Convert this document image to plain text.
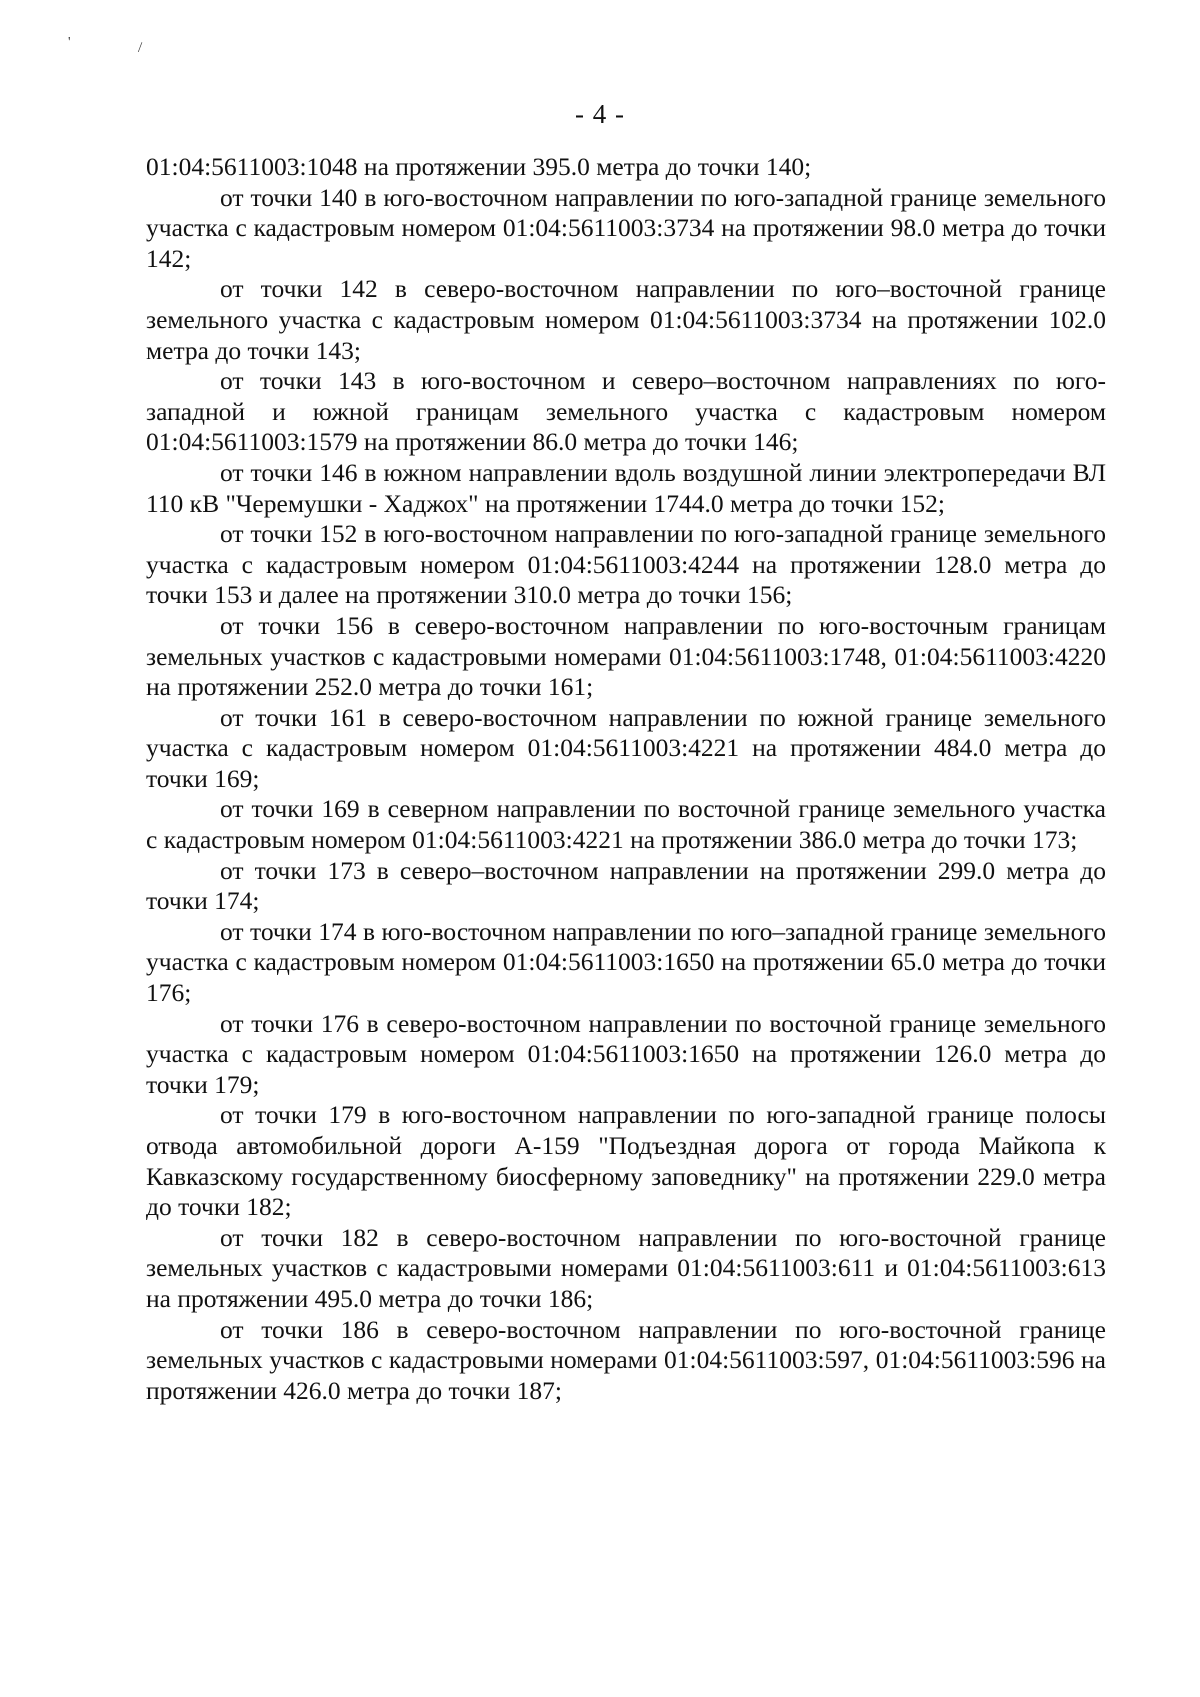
'
- 4 -

01:04:5611003:1048 на протяжении 395.0 метра до точки 140;

от точки 140 в юго-восточном направлении по юго-западной границе земельного участка с кадастровым номером 01:04:5611003:3734 на протяжении 98.0 метра до точки 142;

от точки 142 в северо-восточном направлении по юго–восточной границе земельного участка с кадастровым номером 01:04:5611003:3734 на протяжении 102.0 метра до точки 143;

от точки 143 в юго-восточном и северо–восточном направлениях по юго-западной и южной границам земельного участка с кадастровым номером 01:04:5611003:1579 на протяжении 86.0 метра до точки 146;

от точки 146 в южном направлении вдоль воздушной линии электропередачи ВЛ 110 кВ "Черемушки - Хаджох" на протяжении 1744.0 метра до точки 152;

от точки 152 в юго-восточном направлении по юго-западной границе земельного участка с кадастровым номером 01:04:5611003:4244 на протяжении 128.0 метра до точки 153 и далее на протяжении 310.0 метра до точки 156;

от точки 156 в северо-восточном направлении по юго-восточным границам земельных участков с кадастровыми номерами 01:04:5611003:1748, 01:04:5611003:4220 на протяжении 252.0 метра до точки 161;

от точки 161 в северо-восточном направлении по южной границе земельного участка с кадастровым номером 01:04:5611003:4221 на протяжении 484.0 метра до точки 169;

от точки 169 в северном направлении по восточной границе земельного участка с кадастровым номером 01:04:5611003:4221 на протяжении 386.0 метра до точки 173;

от точки 173 в северо–восточном направлении на протяжении 299.0 метра до точки 174;

от точки 174 в юго-восточном направлении по юго–западной границе земельного участка с кадастровым номером 01:04:5611003:1650 на протяжении 65.0 метра до точки 176;

от точки 176 в северо-восточном направлении по восточной границе земельного участка с кадастровым номером 01:04:5611003:1650 на протяжении 126.0 метра до точки 179;

от точки 179 в юго-восточном направлении по юго-западной границе полосы отвода автомобильной дороги А-159 "Подъездная дорога от города Майкопа к Кавказскому государственному биосферному заповеднику" на протяжении 229.0 метра до точки 182;

от точки 182 в северо-восточном направлении по юго-восточной границе земельных участков с кадастровыми номерами 01:04:5611003:611 и 01:04:5611003:613 на протяжении 495.0 метра до точки 186;

от точки 186 в северо-восточном направлении по юго-восточной границе земельных участков с кадастровыми номерами 01:04:5611003:597, 01:04:5611003:596 на протяжении 426.0 метра до точки 187;
